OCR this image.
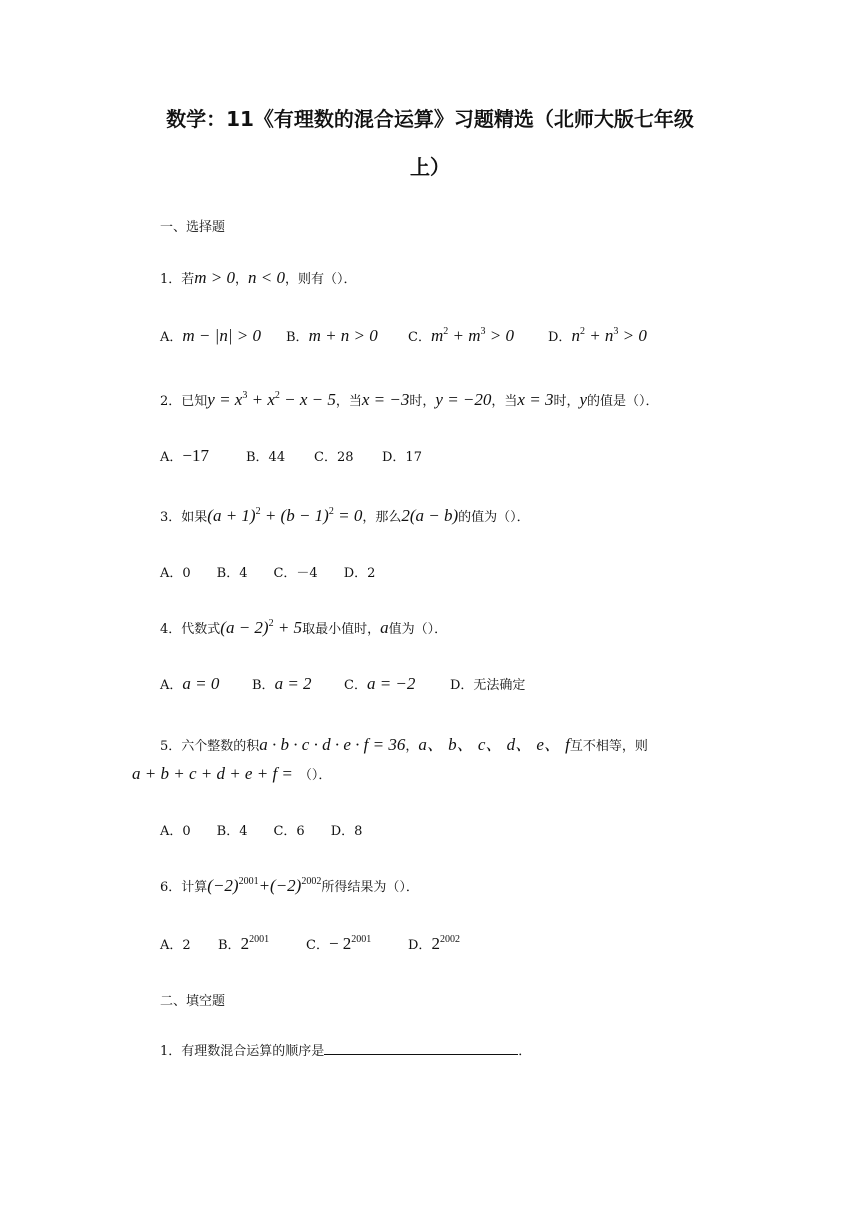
数学：11《有理数的混合运算》习题精选（北师大版七年级
上）
一、选择题
1．若m > 0，n < 0，则有（）．
A．m − |n| > 0 B．m + n > 0 C．$m^2 + m^3 > 0$	D．$n^2 + n^3 > 0$
2．已知$y = x^3 + x^2 - x - 5$，当x = −3时，y = −20，当x = 3时，y的值是（）．
A．−17	B．44 C．28 D．17
3．如果$(a + 1)^2 + (b - 1)^2 = 0$，那么2(a − b)的值为（）．
A．0　　B．4　　C．－4　　D．2
4．代数式$(a - 2)^2 + 5$取最小值时，a值为（）．
A．a = 0	B．a = 2 C．a = −2	D．无法确定
5．六个整数的积a · b · c · d · e · f = 36，a、 b、 c、 d、 e、 f互不相等，则
a + b + c + d + e + f = （）．
A．0　　B．4　　C．6　　D．8
6．计算$(-2)^{2001}+(-2)^{2002}$所得结果为（）．
A．2 B．$2^{2001}$	C．− $2^{2001}$	D．$2^{2002}$
二、填空题
1．有理数混合运算的顺序是	．
